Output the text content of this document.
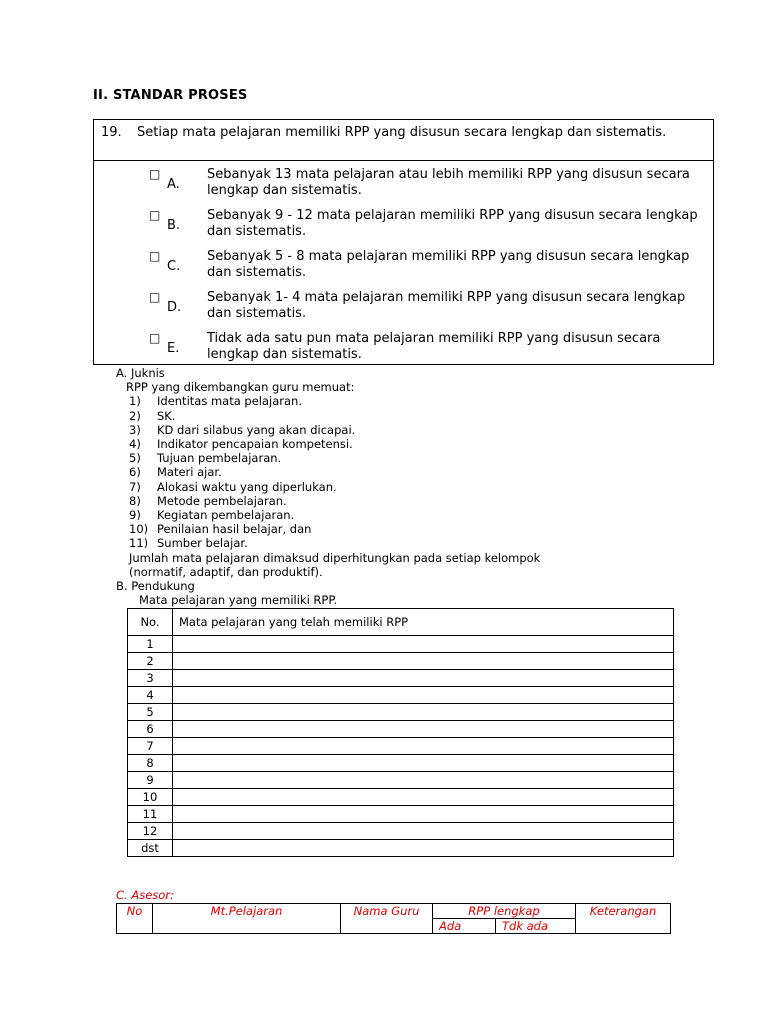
II. STANDAR PROSES
19. Setiap mata pelajaran memiliki RPP yang disusun secara lengkap dan sistematis.
□
A.
Sebanyak 13 mata pelajaran atau lebih memiliki RPP yang disusun secara lengkap dan sistematis.
□
B.
Sebanyak 9 - 12 mata pelajaran memiliki RPP yang disusun secara lengkap dan sistematis.
□
C.
Sebanyak 5 - 8 mata pelajaran memiliki RPP yang disusun secara lengkap dan sistematis.
□
D.
Sebanyak 1- 4 mata pelajaran memiliki RPP yang disusun secara lengkap dan sistematis.
□
E.
Tidak ada satu pun mata pelajaran memiliki RPP yang disusun secara lengkap dan sistematis.
A. Juknis
RPP yang dikembangkan guru memuat:
1) Identitas mata pelajaran.
2) SK.
3) KD dari silabus yang akan dicapai.
4) Indikator pencapaian kompetensi.
5) Tujuan pembelajaran.
6) Materi ajar.
7) Alokasi waktu yang diperlukan.
8) Metode pembelajaran.
9) Kegiatan pembelajaran.
10) Penilaian hasil belajar, dan
11) Sumber belajar.
Jumlah mata pelajaran dimaksud diperhitungkan pada setiap kelompok
(normatif, adaptif, dan produktif).
B. Pendukung
Mata pelajaran yang memiliki RPP.
No.	Mata pelajaran yang telah memiliki RPP
1	
2	
3	
4	
5	
6	
7	
8	
9	
10	
11	
12	
dst	
C. Asesor:
No	Mt.Pelajaran	Nama Guru	RPP lengkap		Keterangan
			Ada	Tdk ada	
